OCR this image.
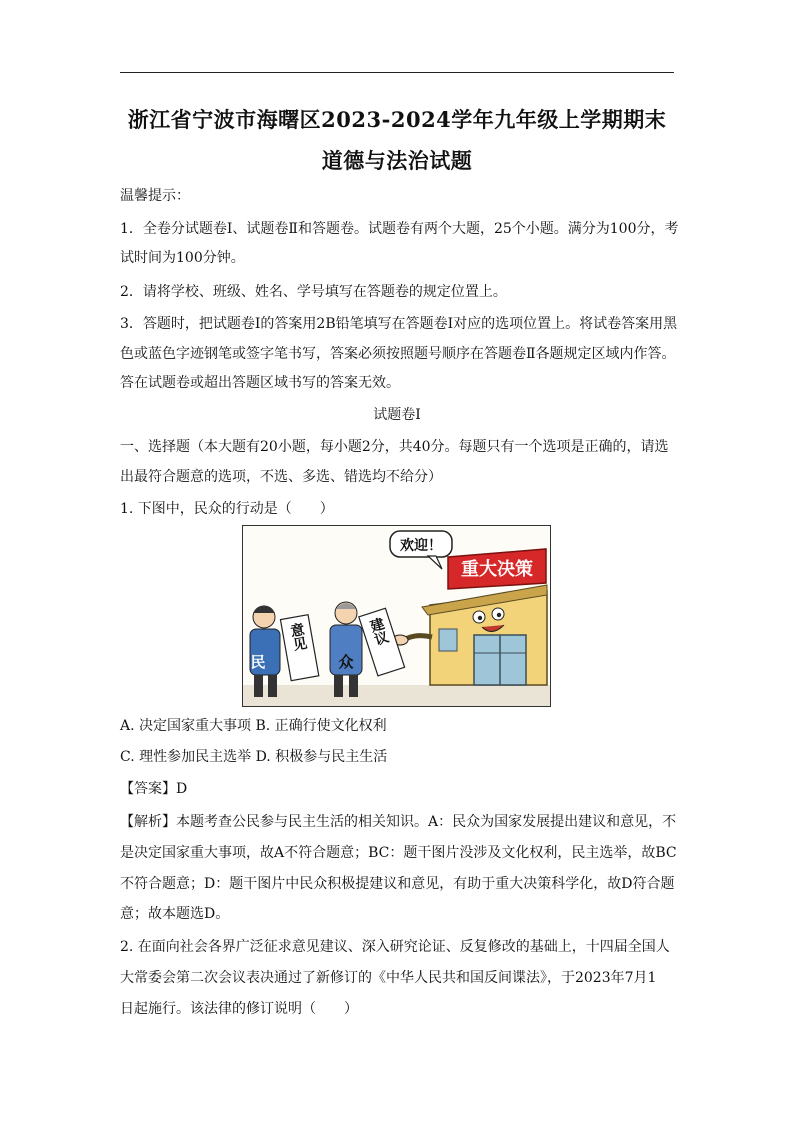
浙江省宁波市海曙区2023-2024学年九年级上学期期末
道德与法治试题
温馨提示：
1．全卷分试题卷Ⅰ、试题卷Ⅱ和答题卷。试题卷有两个大题，25个小题。满分为100分，考
试时间为100分钟。
2．请将学校、班级、姓名、学号填写在答题卷的规定位置上。
3．答题时，把试题卷Ⅰ的答案用2B铅笔填写在答题卷Ⅰ对应的选项位置上。将试卷答案用黑
色或蓝色字迹钢笔或签字笔书写，答案必须按照题号顺序在答题卷Ⅱ各题规定区域内作答。
答在试题卷或超出答题区域书写的答案无效。
试题卷Ⅰ
一、选择题（本大题有20小题，每小题2分，共40分。每题只有一个选项是正确的，请选
出最符合题意的选项，不选、多选、错选均不给分）
1. 下图中，民众的行动是（　　）
重大决策
欢迎！
民
意见
众
建议
A. 决定国家重大事项 B. 正确行使文化权利
C. 理性参加民主选举 D. 积极参与民主生活
【答案】D
【解析】本题考查公民参与民主生活的相关知识。A：民众为国家发展提出建议和意见，不
是决定国家重大事项，故A不符合题意；BC：题干图片没涉及文化权利，民主选举，故BC
不符合题意；D：题干图片中民众积极提建议和意见，有助于重大决策科学化，故D符合题
意；故本题选D。
2. 在面向社会各界广泛征求意见建议、深入研究论证、反复修改的基础上，十四届全国人
大常委会第二次会议表决通过了新修订的《中华人民共和国反间谍法》，于2023年7月1
日起施行。该法律的修订说明（　　）
